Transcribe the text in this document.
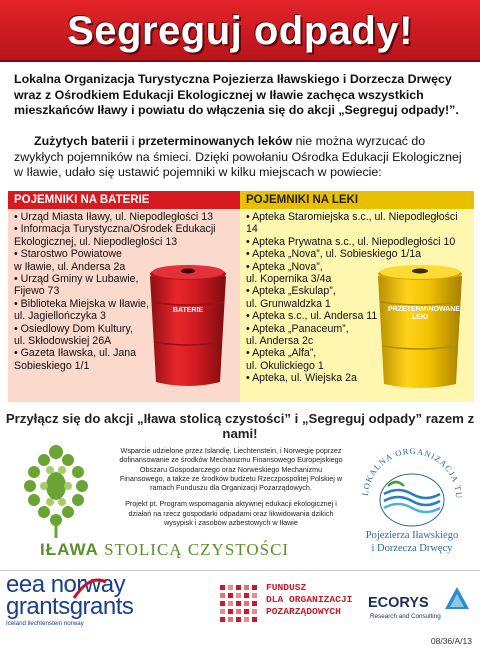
Segreguj odpady!

Lokalna Organizacja Turystyczna Pojezierza Iławskiego i Dorzecza Drwęcy wraz z Ośrodkiem Edukacji Ekologicznej w Iławie zachęca wszystkich mieszkańców Iławy i powiatu do włączenia się do akcji „Segreguj odpady!”.

Zużytych baterii i przeterminowanych leków nie można wyrzucać do zwykłych pojemników na śmieci. Dzięki powołaniu Ośrodka Edukacji Ekologicznej w Iławie, udało się ustawić pojemniki w kilku miejscach w powiecie:

POJEMNIKI NA BATERIE
• Urząd Miasta Iławy, ul. Niepodległości 13
• Informacja Turystyczna/Ośrodek Edukacji
Ekologicznej, ul. Niepodległości 13
• Starostwo Powiatowe
w Iławie, ul. Andersa 2a
• Urząd Gminy w Lubawie,
Fijewo 73
• Biblioteka Miejska w Iławie,
ul. Jagiellończyka 3
• Osiedlowy Dom Kultury,
ul. Skłodowskiej 26A
• Gazeta Iławska, ul. Jana
Sobieskiego 1/1
POJEMNIKI NA LEKI
• Apteka Staromiejska s.c., ul. Niepodległości 14
• Apteka Prywatna s.c., ul. Niepodległości 10
• Apteka „Nova”, ul. Sobieskiego 1/1a
• Apteka „Nova”,
ul. Kopernika 3/4a
• Apteka „Eskulap”,
ul. Grunwaldzka 1
• Apteka s.c., ul. Andersa 11
• Apteka „Panaceum”,
ul. Andersa 2c
• Apteka „Alfa”,
ul. Okulickiego 1
• Apteka, ul. Wiejska 2a
BATERIE	PRZETERMINOWANE LEKI

Przyłącz się do akcji „Iława stolicą czystości” i „Segreguj odpady” razem z nami!

Wsparcie udzielone przez Islandię, Liechtenstein, i Norwegię poprzez dofinansowanie ze środków Mechanizmu Finansowego Europejskiego Obszaru Gospodarczego oraz Norweskiego Mechanizmu Finansowego, a także ze środków budżetu Rzeczpospolitej Polskiej w ramach Funduszu dla Organizacji Pozarządowych.

Projekt pt. Program wspomagania aktywnej edukacji ekologicznej i działań na rzecz gospodarki odpadami oraz likwidowania dzikich wysypisk i zasobów azbestowych w Iławie

IŁAWA STOLICĄ CZYSTOŚCI
LOKALNA ORGANIZACJA TU
Pojezierza Iławskiego
i Dorzecza Drwęcy
eea norway
grantsgrants
Iceland liechtenstein norway
FUNDUSZ
DLA ORGANIZACJI
POZARZĄDOWYCH
ECORYS
Research and Consulting
08/36/A/13
